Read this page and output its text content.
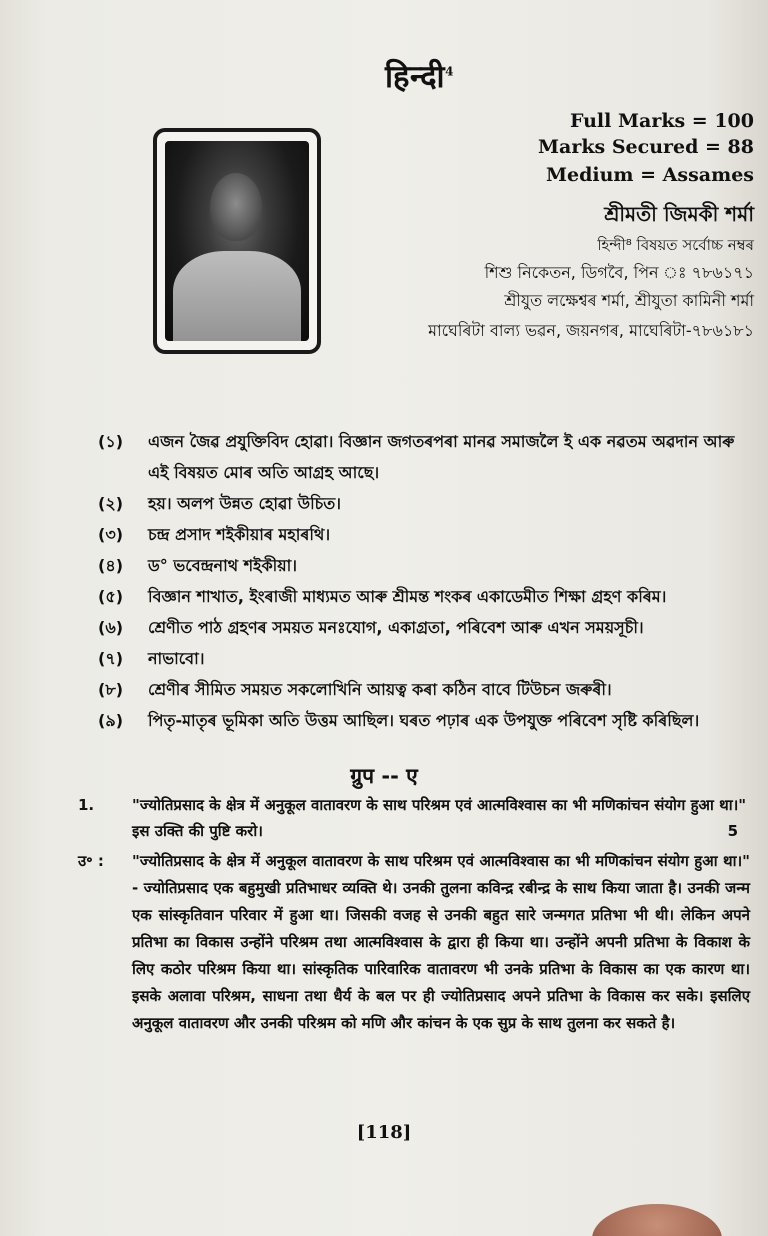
हिन्दी$^4$
Full Marks = 100
Marks Secured = 88
Medium = Assames
শ্ৰীমতী জিমকী শৰ্মা
হিন্দী⁸ বিষয়ত সৰ্বোচ্চ নম্বৰ
শিশু নিকেতন, ডিগবৈ, পিন ঃ ৭৮৬১৭১
শ্ৰীযুত লক্ষেশ্বৰ শৰ্মা, শ্ৰীযুতা কামিনী শৰ্মা
মাঘেৰিটা বাল্য ভৱন, জয়নগৰ, মাঘেৰিটা-৭৮৬১৮১
(১) এজন জৈৱ প্ৰযুক্তিবিদ হোৱা। বিজ্ঞান জগতৰপৰা মানৱ সমাজলৈ ই এক নৱতম অৱদান আৰু এই বিষয়ত মোৰ অতি আগ্ৰহ আছে।
(২) হয়। অলপ উন্নত হোৱা উচিত।
(৩) চন্দ্ৰ প্ৰসাদ শইকীয়াৰ মহাৰথি।
(৪) ড° ভবেন্দ্ৰনাথ শইকীয়া।
(৫) বিজ্ঞান শাখাত, ইংৰাজী মাধ্যমত আৰু শ্ৰীমন্ত শংকৰ একাডেমীত শিক্ষা গ্ৰহণ কৰিম।
(৬) শ্ৰেণীত পাঠ গ্ৰহণৰ সময়ত মনঃযোগ, একাগ্ৰতা, পৰিবেশ আৰু এখন সময়সূচী।
(৭) নাভাবো।
(৮) শ্ৰেণীৰ সীমিত সময়ত সকলোখিনি আয়ত্ব কৰা কঠিন বাবে টিউচন জৰুৰী।
(৯) পিতৃ-মাতৃৰ ভূমিকা অতি উত্তম আছিল। ঘৰত পঢ়াৰ এক উপযুক্ত পৰিবেশ সৃষ্টি কৰিছিল।
ग्रुप -- ए
1.	"ज्योतिप्रसाद के क्षेत्र में अनुकूल वातावरण के साथ परिश्रम एवं आत्मविश्वास का भी मणिकांचन संयोग हुआ था।" इस उक्ति की पुष्टि करो।	5
उ॰ :	"ज्योतिप्रसाद के क्षेत्र में अनुकूल वातावरण के साथ परिश्रम एवं आत्मविश्वास का भी मणिकांचन संयोग हुआ था।" - ज्योतिप्रसाद एक बहुमुखी प्रतिभाधर व्यक्ति थे। उनकी तुलना कविन्द्र रबीन्द्र के साथ किया जाता है। उनकी जन्म एक सांस्कृतिवान परिवार में हुआ था। जिसकी वजह से उनकी बहुत सारे जन्मगत प्रतिभा भी थी। लेकिन अपने प्रतिभा का विकास उन्होंने परिश्रम तथा आत्मविश्वास के द्वारा ही किया था। उन्होंने अपनी प्रतिभा के विकाश के लिए कठोर परिश्रम किया था। सांस्कृतिक पारिवारिक वातावरण भी उनके प्रतिभा के विकास का एक कारण था। इसके अलावा परिश्रम, साधना तथा धैर्य के बल पर ही ज्योतिप्रसाद अपने प्रतिभा के विकास कर सके। इसलिए अनुकूल वातावरण और उनकी परिश्रम को मणि और कांचन के एक सुप्र के साथ तुलना कर सकते है।
[118]
